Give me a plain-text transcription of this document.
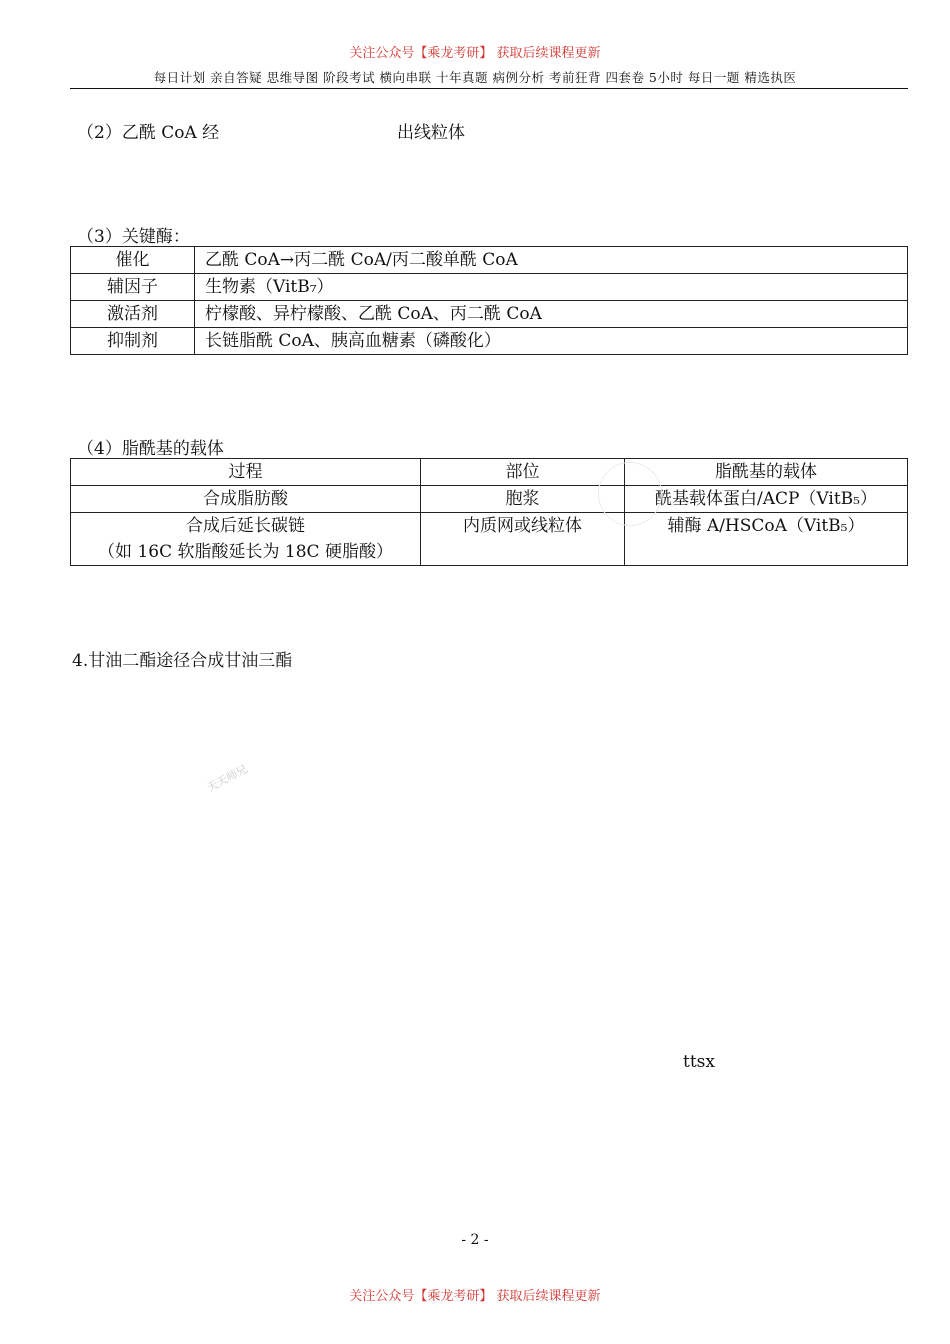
关注公众号【乘龙考研】 获取后续课程更新
每日计划 亲自答疑 思维导图 阶段考试 横向串联 十年真题 病例分析 考前狂背 四套卷 5小时 每日一题 精选执医
（2）乙酰 CoA 经	出线粒体
（3）关键酶：
催化	乙酰 CoA→丙二酰 CoA/丙二酸单酰 CoA
辅因子	生物素（VitB₇）
激活剂	柠檬酸、异柠檬酸、乙酰 CoA、丙二酰 CoA
抑制剂	长链脂酰 CoA、胰高血糖素（磷酸化）
（4）脂酰基的载体
过程	部位	脂酰基的载体
合成脂肪酸	胞浆	酰基载体蛋白/ACP（VitB₅）

合成后延长碳链
（如 16C 软脂酸延长为 18C 硬脂酸）	内质网或线粒体	辅酶 A/HSCoA（VitB₅）
4.甘油二酯途径合成甘油三酯
天天师兄
ttsx
- 2 -
关注公众号【乘龙考研】 获取后续课程更新
